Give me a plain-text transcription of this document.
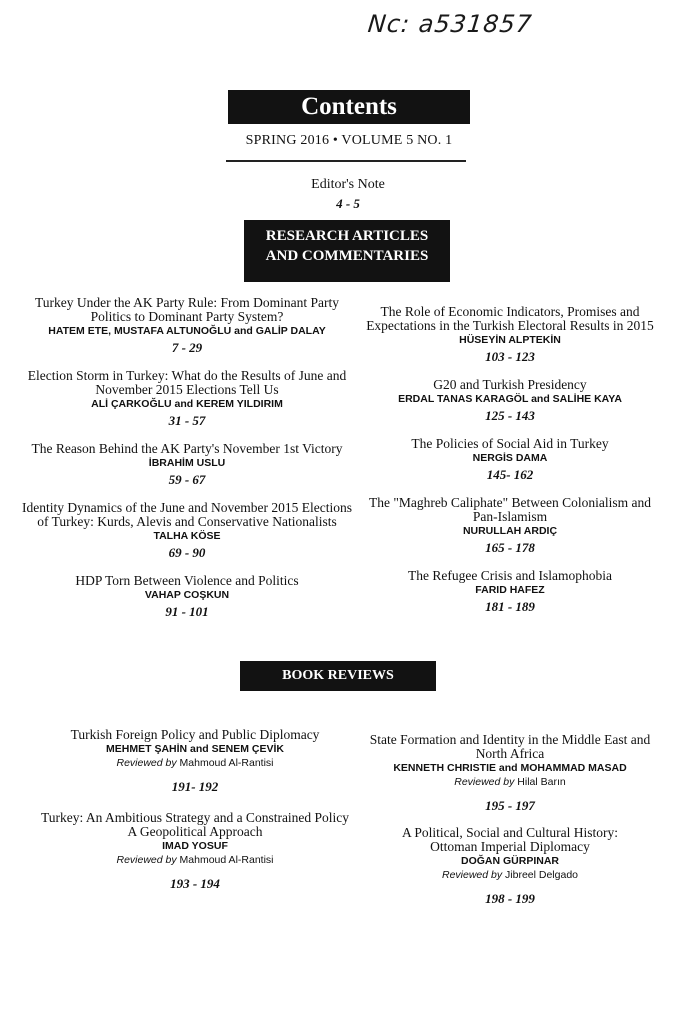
Nc: a531857
Contents
SPRING 2016 • VOLUME 5 NO. 1
Editor's Note
4 - 5
RESEARCH ARTICLES
AND COMMENTARIES
Turkey Under the AK Party Rule: From Dominant Party
Politics to Dominant Party System?
HATEM ETE, MUSTAFA ALTUNOĞLU and GALİP DALAY
7 - 29
Election Storm in Turkey: What do the Results of June and
November 2015 Elections Tell Us
ALİ ÇARKOĞLU and KEREM YILDIRIM
31 - 57
The Reason Behind the AK Party's November 1st Victory
İBRAHİM USLU
59 - 67
Identity Dynamics of the June and November 2015 Elections
of Turkey: Kurds, Alevis and Conservative Nationalists
TALHA KÖSE
69 - 90
HDP Torn Between Violence and Politics
VAHAP COŞKUN
91 - 101
The Role of Economic Indicators, Promises and
Expectations in the Turkish Electoral Results in 2015
HÜSEYİN ALPTEKİN
103 - 123
G20 and Turkish Presidency
ERDAL TANAS KARAGÖL and SALİHE KAYA
125 - 143
The Policies of Social Aid in Turkey
NERGİS DAMA
145- 162
The "Maghreb Caliphate" Between Colonialism and
Pan-Islamism
NURULLAH ARDIÇ
165 - 178
The Refugee Crisis and Islamophobia
FARID HAFEZ
181 - 189
BOOK REVIEWS
Turkish Foreign Policy and Public Diplomacy
MEHMET ŞAHİN and SENEM ÇEVİK
Reviewed by Mahmoud Al-Rantisi
191- 192
Turkey: An Ambitious Strategy and a Constrained Policy
A Geopolitical Approach
IMAD YOSUF
Reviewed by Mahmoud Al-Rantisi
193 - 194
State Formation and Identity in the Middle East and
North Africa
KENNETH CHRISTIE and MOHAMMAD MASAD
Reviewed by Hilal Barın
195 - 197
A Political, Social and Cultural History:
Ottoman Imperial Diplomacy
DOĞAN GÜRPINAR
Reviewed by Jibreel Delgado
198 - 199
